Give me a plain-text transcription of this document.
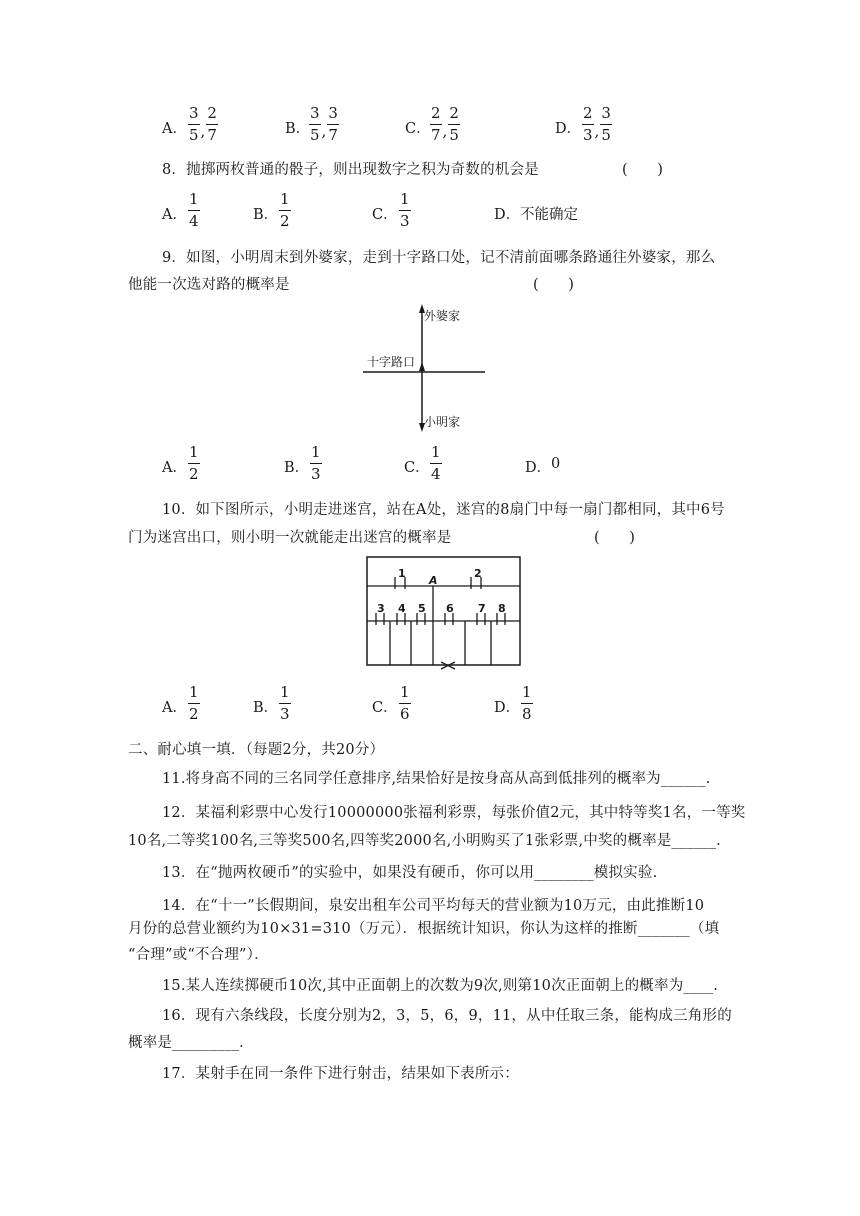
A． $\frac{3}{5}$ , $\frac{2}{7}$	B．
$\frac{3}{5}$ , $\frac{3}{7}$	C． $\frac{2}{7}$ , $\frac{2}{5}$	D． $\frac{2}{3}$ , $\frac{3}{5}$
8．抛掷两枚普通的骰子，则出现数字之积为奇数的机会是	(　　)
A． $\frac{1}{4}$	B． $\frac{1}{2}$	C． $\frac{1}{3}$	D． 不能确定
9．如图，小明周末到外婆家，走到十字路口处，记不清前面哪条路通往外婆家，那么
他能一次选对路的概率是	(　　)
外婆家
十字路口
小明家
A． $\frac{1}{2}$	B． $\frac{1}{3}$	C． $\frac{1}{4}$	D． 0
10．如下图所示，小明走进迷宫，站在A处，迷宫的8扇门中每一扇门都相同，其中6号
门为迷宫出口，则小明一次就能走出迷宫的概率是	(　　)
A
1	2
3 4 5 6 7 8
A． $\frac{1}{2}$	B． $\frac{1}{3}$	C． $\frac{1}{6}$	D． $\frac{1}{8}$
二、耐心填一填．（每题2分，共20分）
11.将身高不同的三名同学任意排序,结果恰好是按身高从高到低排列的概率为______.
12．某福利彩票中心发行10000000张福利彩票，每张价值2元，其中特等奖1名，一等奖
10名,二等奖100名,三等奖500名,四等奖2000名,小明购买了1张彩票,中奖的概率是______.
13．在“抛两枚硬币”的实验中，如果没有硬币，你可以用________模拟实验.
14．在“十一”长假期间，泉安出租车公司平均每天的营业额为10万元，由此推断10
月份的总营业额约为10×31=310（万元）．根据统计知识，你认为这样的推断_______（填
“合理”或“不合理”）．
15.某人连续掷硬币10次,其中正面朝上的次数为9次,则第10次正面朝上的概率为____.
16．现有六条线段，长度分别为2，3，5，6，9，11，从中任取三条，能构成三角形的
概率是_________．
17．某射手在同一条件下进行射击，结果如下表所示：
